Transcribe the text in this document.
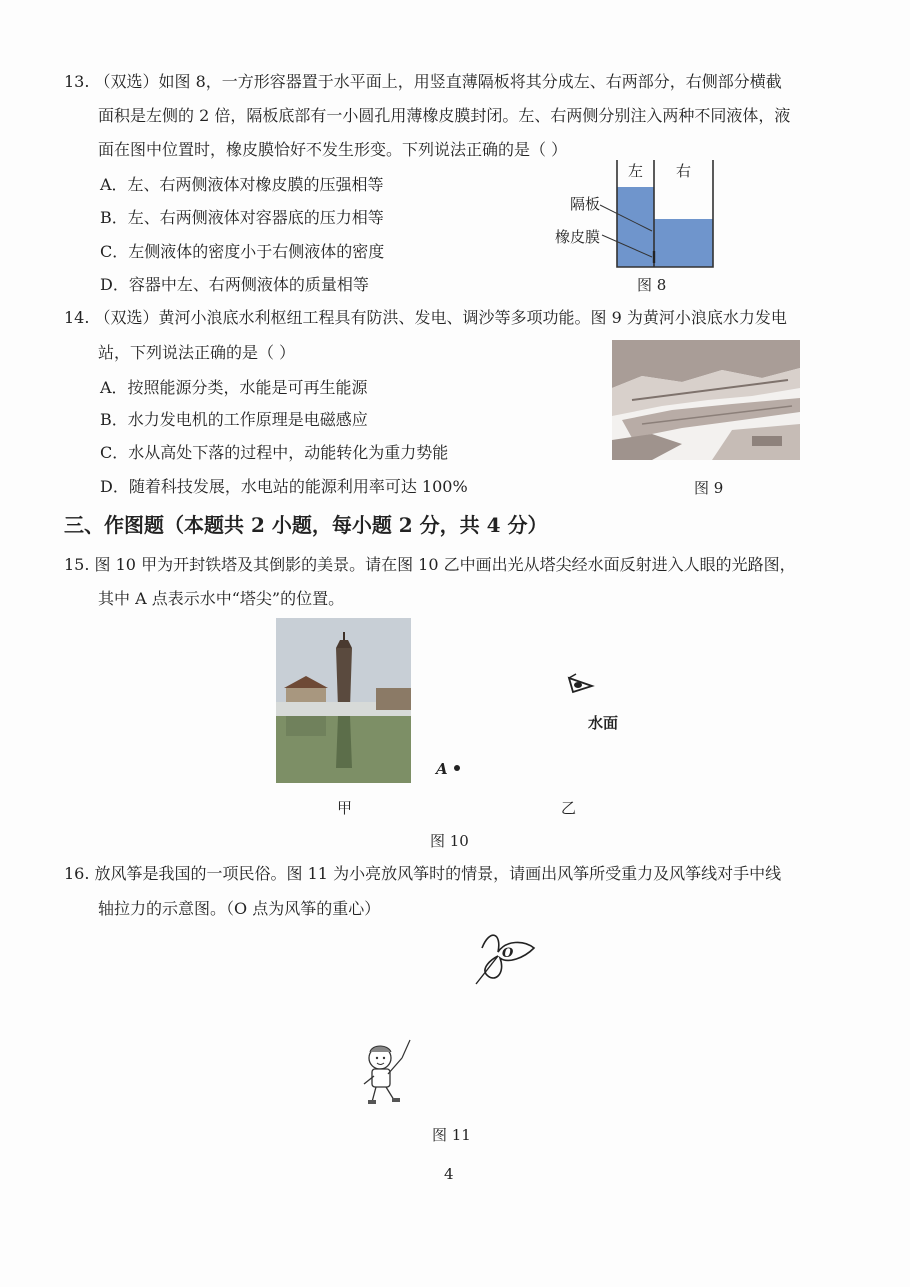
13. （双选）如图 8，一方形容器置于水平面上，用竖直薄隔板将其分成左、右两部分，右侧部分横截
面积是左侧的 2 倍，隔板底部有一小圆孔用薄橡皮膜封闭。左、右两侧分别注入两种不同液体，液
面在图中位置时，橡皮膜恰好不发生形变。下列说法正确的是（ ）
A．左、右两侧液体对橡皮膜的压强相等
B．左、右两侧液体对容器底的压力相等
C．左侧液体的密度小于右侧液体的密度
D．容器中左、右两侧液体的质量相等
左 右
隔板
橡皮膜
图 8
14. （双选）黄河小浪底水利枢纽工程具有防洪、发电、调沙等多项功能。图 9 为黄河小浪底水力发电
站，下列说法正确的是（ ）
A．按照能源分类，水能是可再生能源
B．水力发电机的工作原理是电磁感应
C．水从高处下落的过程中，动能转化为重力势能
D．随着科技发展，水电站的能源利用率可达 100%	图 9
三、作图题（本题共 2 小题，每小题 2 分，共 4 分）
15. 图 10 甲为开封铁塔及其倒影的美景。请在图 10 乙中画出光从塔尖经水面反射进入人眼的光路图，
其中 A 点表示水中“塔尖”的位置。
甲
水面
A
乙
图 10
16. 放风筝是我国的一项民俗。图 11 为小亮放风筝时的情景，请画出风筝所受重力及风筝线对手中线
轴拉力的示意图。（O 点为风筝的重心）
O
图 11
4
